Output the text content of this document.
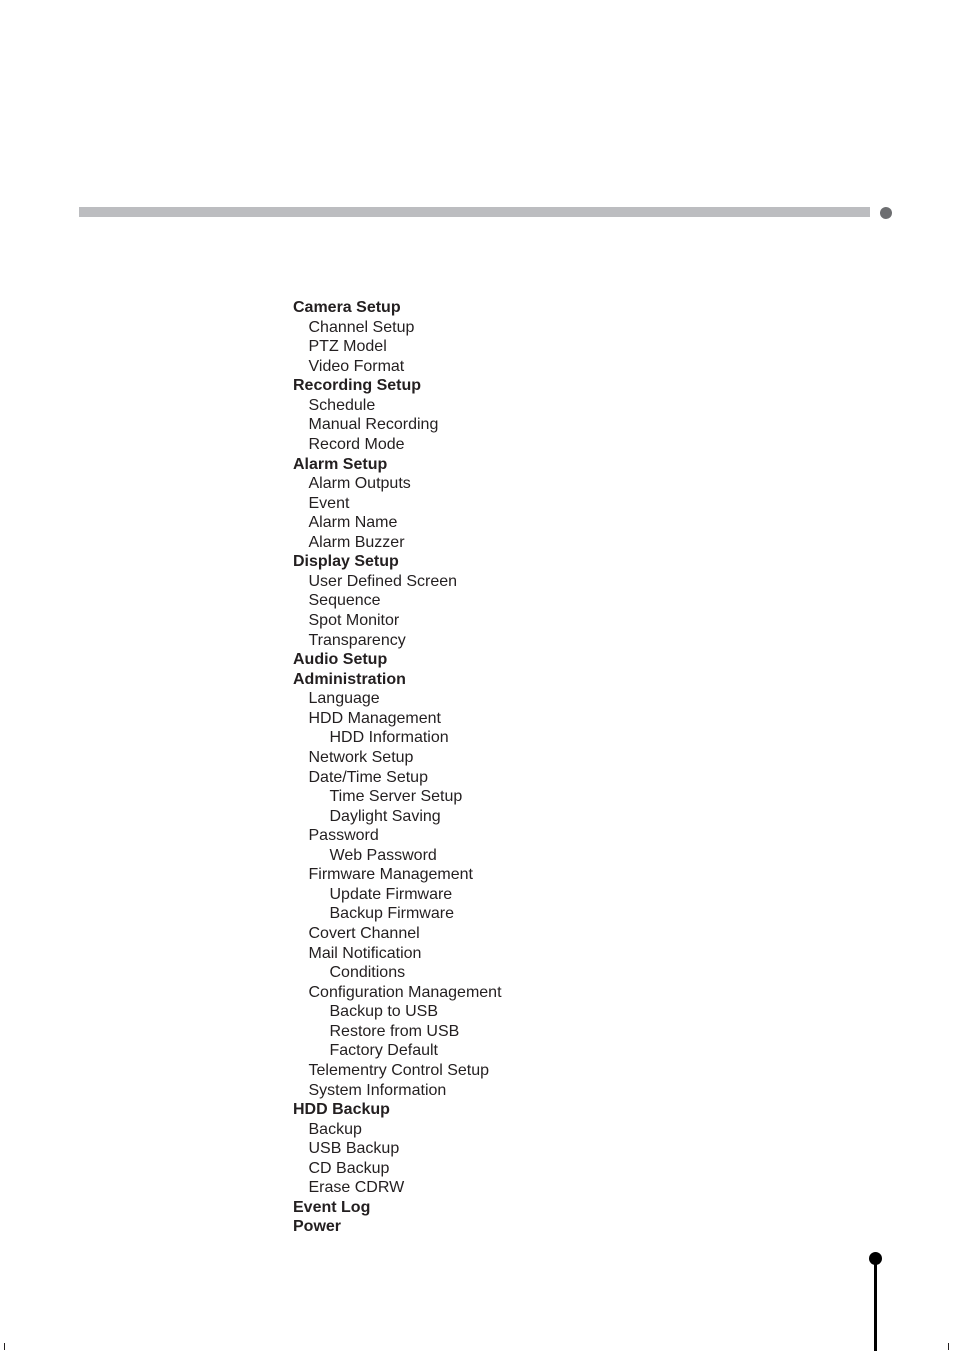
Camera Setup
Channel Setup
PTZ Model
Video Format
Recording Setup
Schedule
Manual Recording
Record Mode
Alarm Setup
Alarm Outputs
Event
Alarm Name
Alarm Buzzer
Display Setup
User Defined Screen
Sequence
Spot Monitor
Transparency
Audio Setup
Administration
Language
HDD Management
HDD Information
Network Setup
Date/Time Setup
Time Server Setup
Daylight Saving
Password
Web Password
Firmware Management
Update Firmware
Backup Firmware
Covert Channel
Mail Notification
Conditions
Configuration Management
Backup to USB
Restore from USB
Factory Default
Telementry Control Setup
System Information
HDD Backup
Backup
USB Backup
CD Backup
Erase CDRW
Event Log
Power
